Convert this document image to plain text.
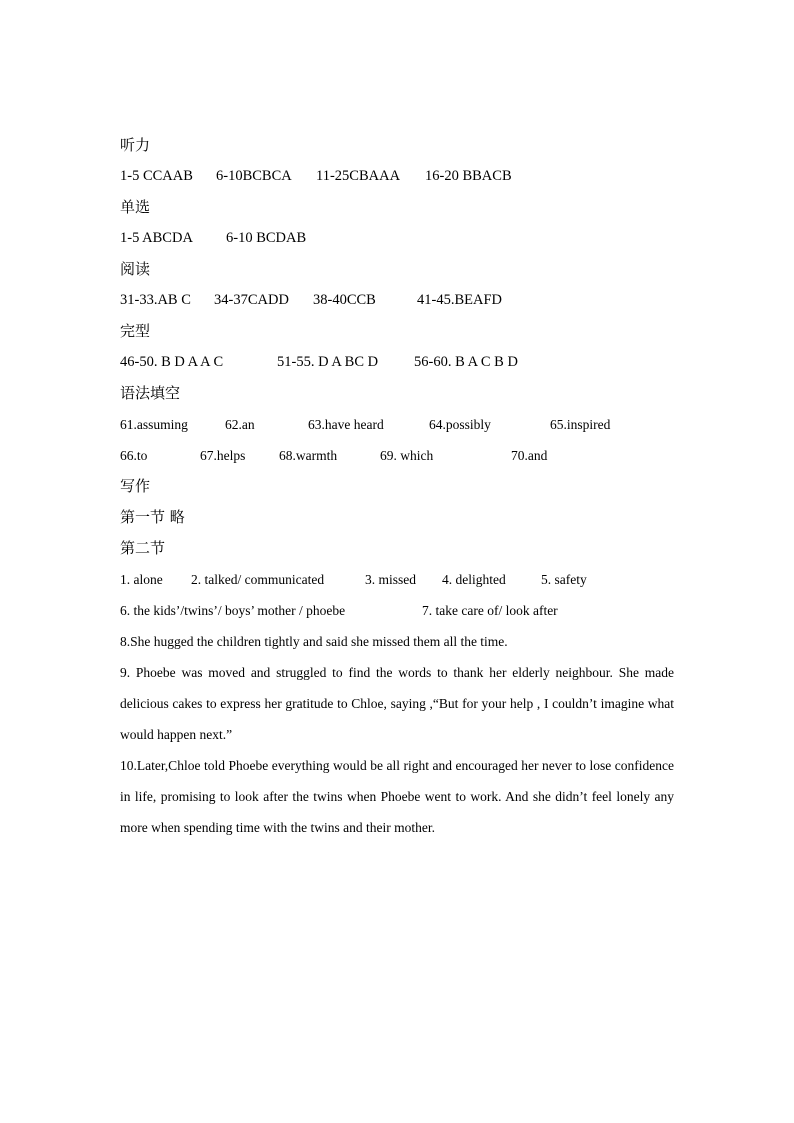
听力
1-5 CCAAB 6-10BCBCA 11-25CBAAA 16-20 BBACB
单选
1-5 ABCDA 6-10 BCDAB
阅读
31-33.AB C 34-37CADD 38-40CCB	41-45.BEAFD
完型
46-50. B D A A C	51-55. D A BC D 56-60. B A C B D
语法填空
61.assuming	62.an	63.have heard	64.possibly	65.inspired
66.to	67.helps 68.warmth	69. which	70.and
写作
第一节 略
第二节
1. alone 2. talked/ communicated	3. missed 4. delighted	5. safety
6. the kids’/twins’/ boys’ mother / phoebe	7. take care of/ look after

8.She hugged the children tightly and said she missed them all the time.

9. Phoebe was moved and struggled to find the words to thank her elderly neighbour. She made delicious cakes to express her gratitude to Chloe, saying ,“But for your help , I couldn’t imagine what would happen next.”

10.Later,Chloe told Phoebe everything would be all right and encouraged her never to lose confidence in life, promising to look after the twins when Phoebe went to work. And she didn’t feel lonely any more when spending time with the twins and their mother.
